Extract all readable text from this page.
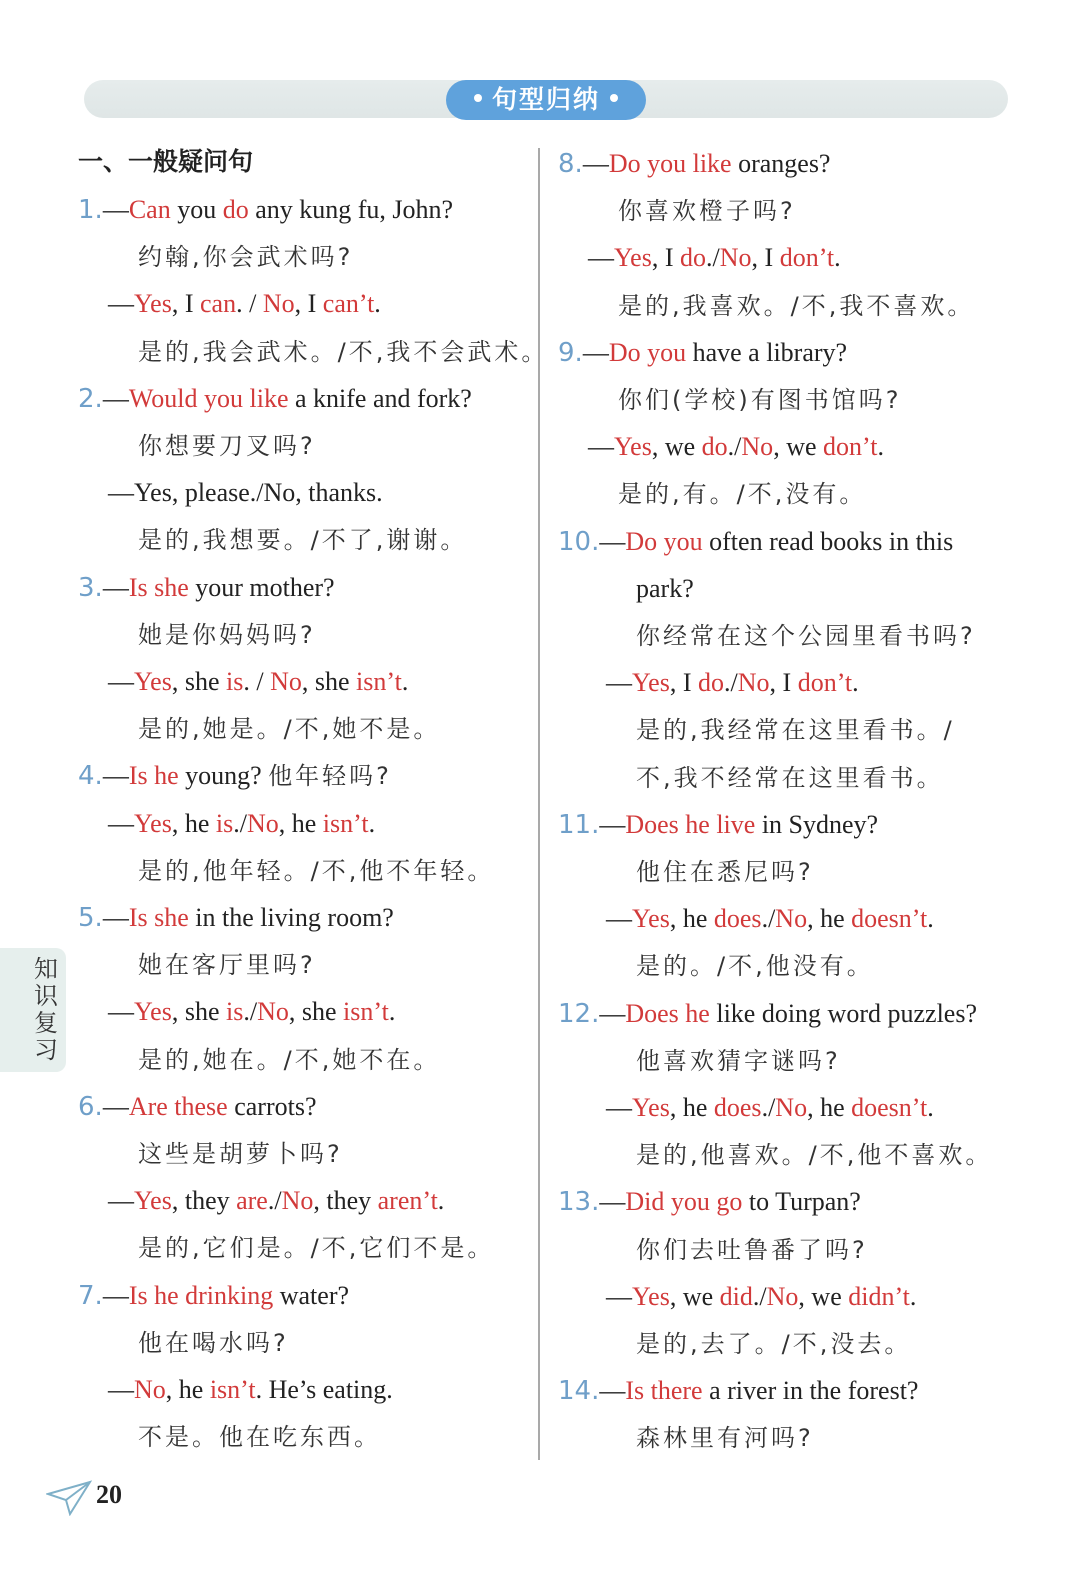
句型归纳
一、一般疑问句
1.—Can you do any kung fu, John?
约翰,你会武术吗?
—Yes, I can. / No, I can’t.
是的,我会武术。/不,我不会武术。
2.—Would you like a knife and fork?
你想要刀叉吗?
—Yes, please./No, thanks.
是的,我想要。/不了,谢谢。
3.—Is she your mother?
她是你妈妈吗?
—Yes, she is. / No, she isn’t.
是的,她是。/不,她不是。
4.—Is he young? 他年轻吗?
—Yes, he is./No, he isn’t.
是的,他年轻。/不,他不年轻。
5.—Is she in the living room?
她在客厅里吗?
—Yes, she is./No, she isn’t.
是的,她在。/不,她不在。
6.—Are these carrots?
这些是胡萝卜吗?
—Yes, they are./No, they aren’t.
是的,它们是。/不,它们不是。
7.—Is he drinking water?
他在喝水吗?
—No, he isn’t. He’s eating.
不是。他在吃东西。
8.—Do you like oranges?
你喜欢橙子吗?
—Yes, I do./No, I don’t.
是的,我喜欢。/不,我不喜欢。
9.—Do you have a library?
你们(学校)有图书馆吗?
—Yes, we do./No, we don’t.
是的,有。/不,没有。
10.—Do you often read books in this
park?
你经常在这个公园里看书吗?
—Yes, I do./No, I don’t.
是的,我经常在这里看书。/
不,我不经常在这里看书。
11.—Does he live in Sydney?
他住在悉尼吗?
—Yes, he does./No, he doesn’t.
是的。/不,他没有。
12.—Does he like doing word puzzles?
他喜欢猜字谜吗?
—Yes, he does./No, he doesn’t.
是的,他喜欢。/不,他不喜欢。
13.—Did you go to Turpan?
你们去吐鲁番了吗?
—Yes, we did./No, we didn’t.
是的,去了。/不,没去。
14.—Is there a river in the forest?
森林里有河吗?
知识复习
20
